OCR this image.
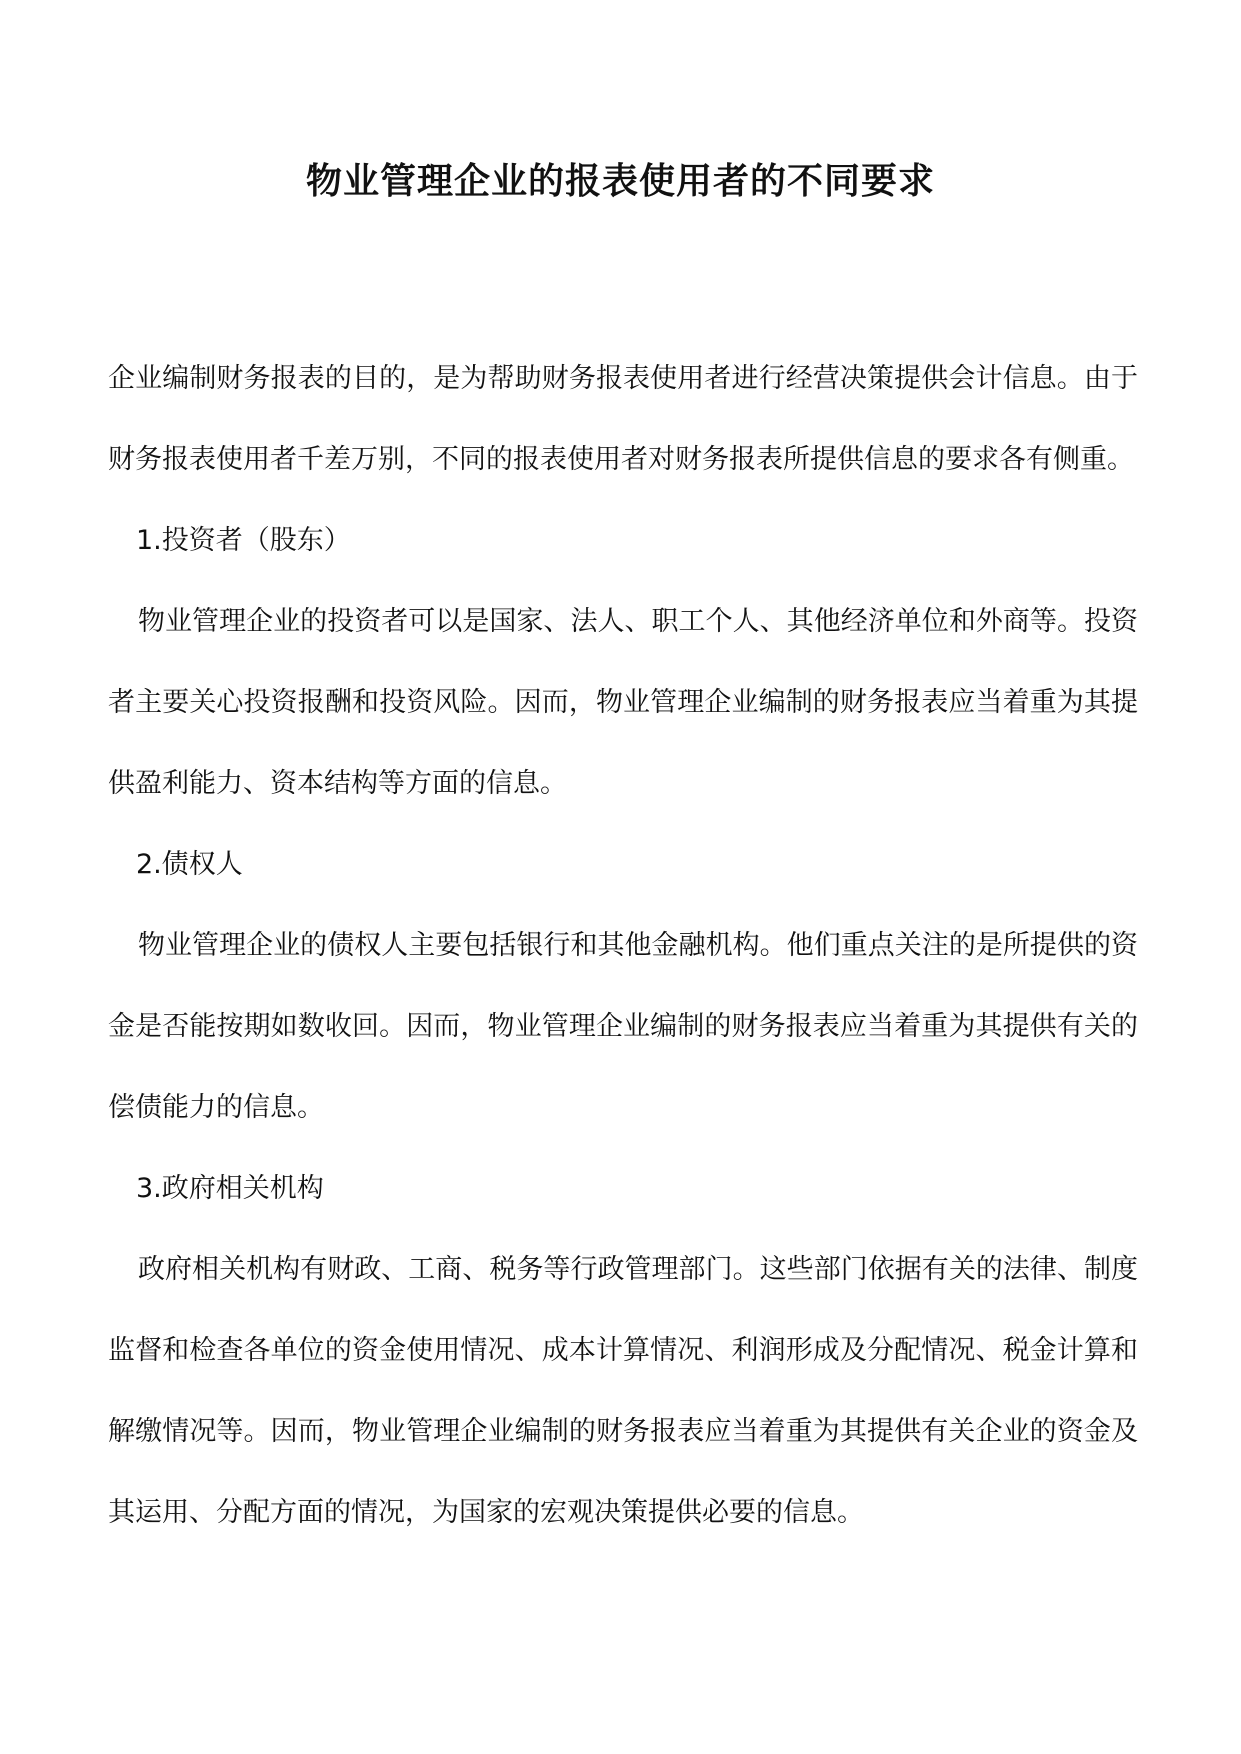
物业管理企业的报表使用者的不同要求

企业编制财务报表的目的，是为帮助财务报表使用者进行经营决策提供会计信息。由于财务报表使用者千差万别，不同的报表使用者对财务报表所提供信息的要求各有侧重。

1.投资者（股东）

物业管理企业的投资者可以是国家、法人、职工个人、其他经济单位和外商等。投资者主要关心投资报酬和投资风险。因而，物业管理企业编制的财务报表应当着重为其提供盈利能力、资本结构等方面的信息。

2.债权人

物业管理企业的债权人主要包括银行和其他金融机构。他们重点关注的是所提供的资金是否能按期如数收回。因而，物业管理企业编制的财务报表应当着重为其提供有关的偿债能力的信息。

3.政府相关机构

政府相关机构有财政、工商、税务等行政管理部门。这些部门依据有关的法律、制度监督和检查各单位的资金使用情况、成本计算情况、利润形成及分配情况、税金计算和解缴情况等。因而，物业管理企业编制的财务报表应当着重为其提供有关企业的资金及其运用、分配方面的情况，为国家的宏观决策提供必要的信息。
